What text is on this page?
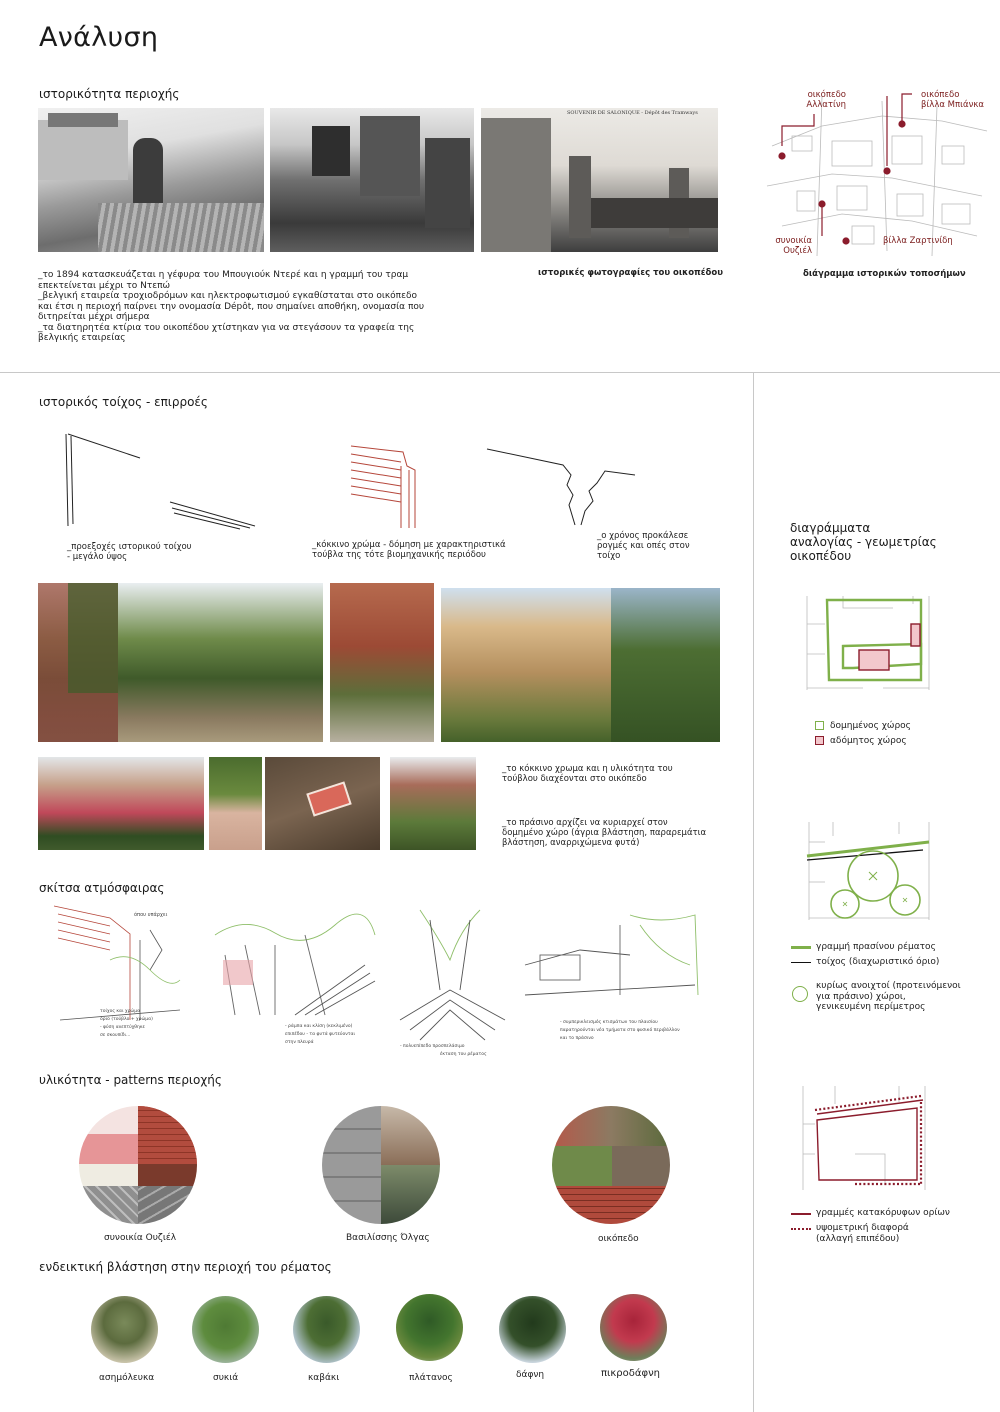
Ανάλυση
ιστορικότητα περιοχής
SOUVENIR DE SALONIQUE - Dépôt des Tramways
_το 1894 κατασκευάζεται η γέφυρα του Μπουγιούκ Ντερέ και η γραμμή του τραμ
επεκτείνεται μέχρι το Ντεπώ
_βελγική εταιρεία τροχιοδρόμων και ηλεκτροφωτισμού εγκαθίσταται στο οικόπεδο
και έτσι η περιοχή παίρνει την ονομασία Dépôt, που σημαίνει αποθήκη, ονομασία που
διτηρείται μέχρι σήμερα
_τα διατηρητέα κτίρια του οικοπέδου χτίστηκαν για να στεγάσουν τα γραφεία της
βελγικής εταιρείας
ιστορικές φωτογραφίες του οικοπέδου
οικόπεδο
Αλλατίνη
οικόπεδο
βίλλα Μπιάνκα
συνοικία
Ουζιέλ
βίλλα Ζαρτινίδη
διάγραμμα ιστορικών τοποσήμων
ιστορικός τοίχος - επιρροές
_προεξοχές ιστορικού τοίχου
- μεγάλο ύψος
_κόκκινο χρώμα - δόμηση με χαρακτηριστικά
τούβλα της τότε βιομηχανικής περιόδου
_ο χρόνος προκάλεσε
ρογμές και οπές στον
τοίχο
_το κόκκινο χρωμα και η υλικότητα του
τούβλου διαχέονται στο οικόπεδο
_το πράσινο αρχίζει να κυριαρχεί στον
δομημένο χώρο (άγρια βλάστηση, παραρεμάτια
βλάστηση, αναρριχώμενα φυτά)
σκίτσα ατμόσφαιρας
όπου υπάρχει
τοίχος και χρώμα
όριο (τούβλο + χρώμα)
- φύση ανεπτύχθηκε
σε σκουπίδι...
- ράμπα και κλίση (κεκλιμένο)
επιπέδου - τα φυτά φυτεύονται
στην πλευρά
- πολυεπίπεδο προσπελάσιμο
έκταση του ρέματος
- συμπερικλεισμός κτισμάτων του πλαισίου
παρατηρούνται νέα τμήματα στο φυσικό περιβάλλον
και το πράσινο
υλικότητα - patterns περιοχής
συνοικία Ουζιέλ	Βασιλίσσης Όλγας	οικόπεδο
ενδεικτική βλάστηση στην περιοχή του ρέματος
ασημόλευκα	συκιά	καβάκι	πλάτανος	δάφνη	πικροδάφνη
διαγράμματα
αναλογίας - γεωμετρίας
οικοπέδου
δομημένος χώρος
αδόμητος χώρος
γραμμή πρασίνου ρέματος
τοίχος (διαχωριστικό όριο)
κυρίως ανοιχτοί (προτεινόμενοι
για πράσινο) χώροι,
γενικευμένη περίμετρος
γραμμές κατακόρυφων ορίων
υψομετρική διαφορά
(αλλαγή επιπέδου)
